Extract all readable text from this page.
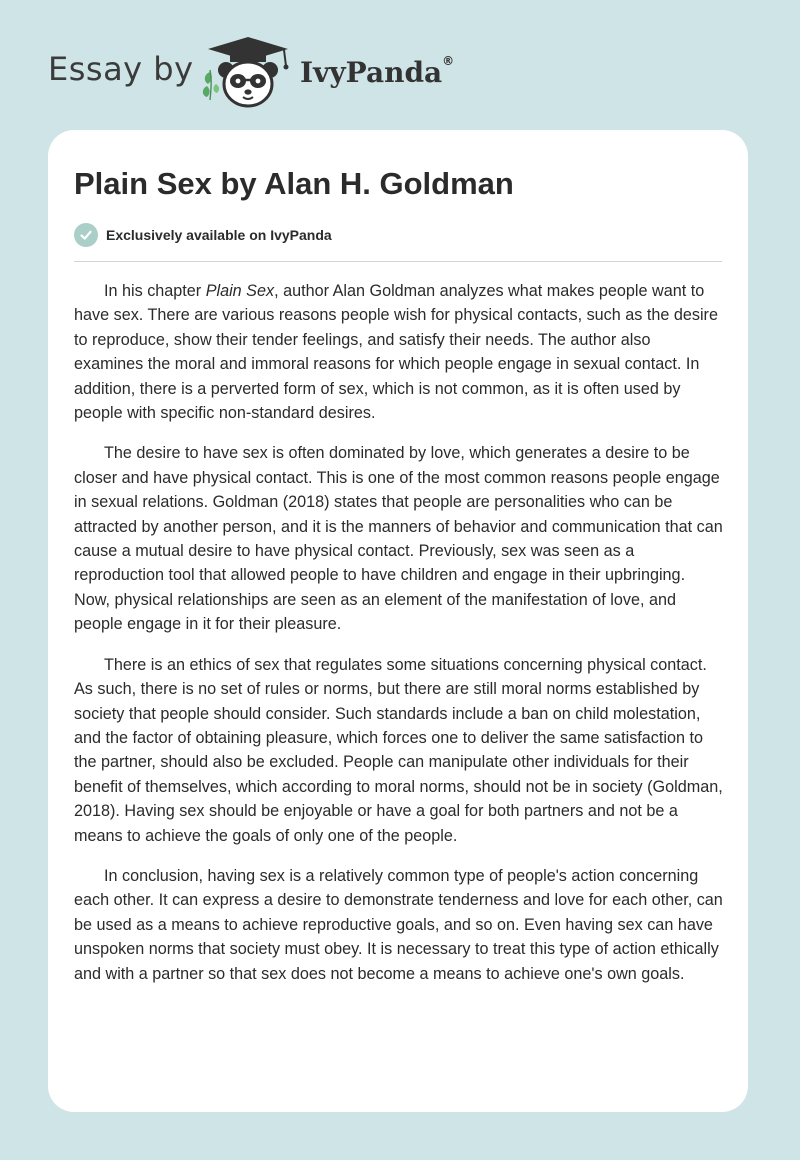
Essay by	IvyPanda®
Plain Sex by Alan H. Goldman
Exclusively available on IvyPanda

In his chapter Plain Sex, author Alan Goldman analyzes what makes people want to have sex. There are various reasons people wish for physical contacts, such as the desire to reproduce, show their tender feelings, and satisfy their needs. The author also examines the moral and immoral reasons for which people engage in sexual contact. In addition, there is a perverted form of sex, which is not common, as it is often used by people with specific non-standard desires.

The desire to have sex is often dominated by love, which generates a desire to be closer and have physical contact. This is one of the most common reasons people engage in sexual relations. Goldman (2018) states that people are personalities who can be attracted by another person, and it is the manners of behavior and communication that can cause a mutual desire to have physical contact. Previously, sex was seen as a reproduction tool that allowed people to have children and engage in their upbringing. Now, physical relationships are seen as an element of the manifestation of love, and people engage in it for their pleasure.

There is an ethics of sex that regulates some situations concerning physical contact. As such, there is no set of rules or norms, but there are still moral norms established by society that people should consider. Such standards include a ban on child molestation, and the factor of obtaining pleasure, which forces one to deliver the same satisfaction to the partner, should also be excluded. People can manipulate other individuals for their benefit of themselves, which according to moral norms, should not be in society (Goldman, 2018). Having sex should be enjoyable or have a goal for both partners and not be a means to achieve the goals of only one of the people.

In conclusion, having sex is a relatively common type of people's action concerning each other. It can express a desire to demonstrate tenderness and love for each other, can be used as a means to achieve reproductive goals, and so on. Even having sex can have unspoken norms that society must obey. It is necessary to treat this type of action ethically and with a partner so that sex does not become a means to achieve one's own goals.
